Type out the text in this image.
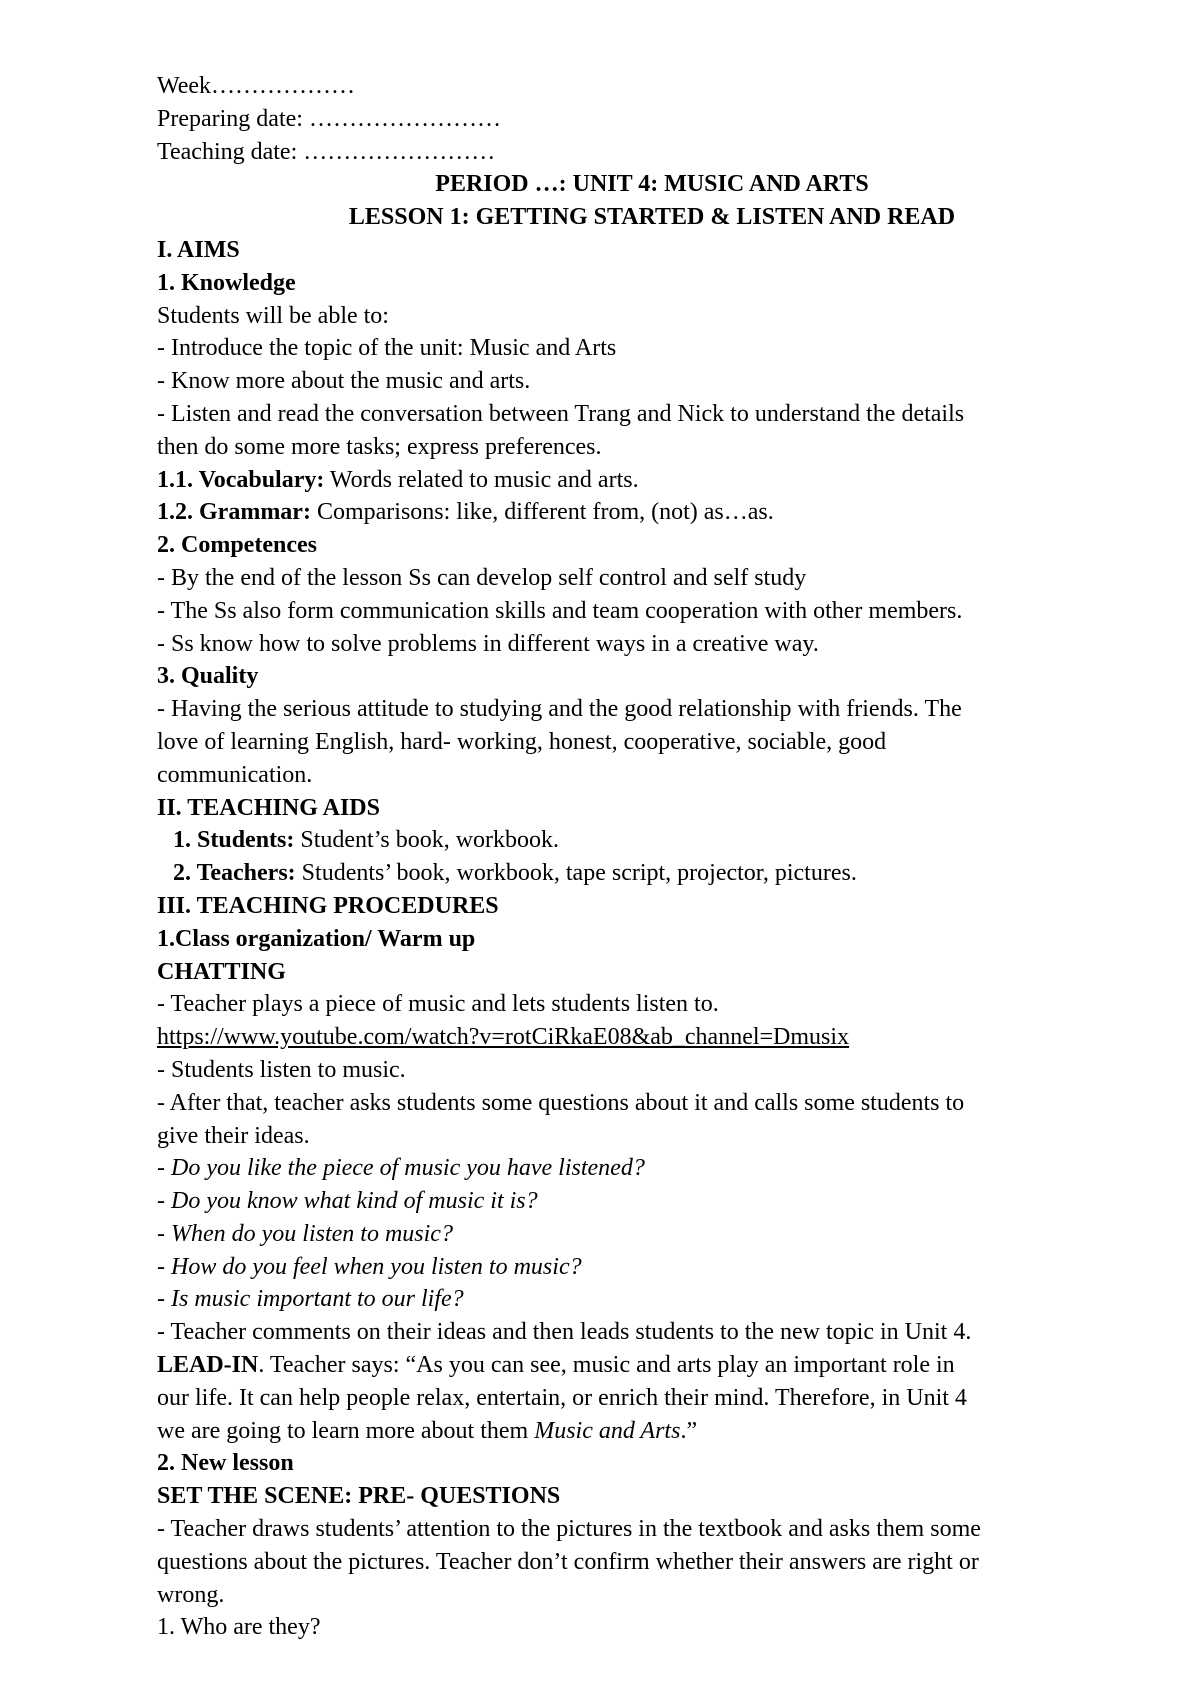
Week………………
Preparing date: ……………………
Teaching date: ……………………
PERIOD …: UNIT 4: MUSIC AND ARTS
LESSON 1: GETTING STARTED & LISTEN AND READ
I. AIMS
1. Knowledge
Students will be able to:
- Introduce the topic of the unit: Music and Arts
- Know more about the music and arts.
- Listen and read the conversation between Trang and Nick to understand the details
then do some more tasks; express preferences.
1.1. Vocabulary: Words related to music and arts.
1.2. Grammar: Comparisons: like, different from, (not) as…as.
2. Competences
- By the end of the lesson Ss can develop self control and self study
- The Ss also form communication skills and team cooperation with other members.
- Ss know how to solve problems in different ways in a creative way.
3. Quality
- Having the serious attitude to studying and the good relationship with friends. The
love of learning English, hard- working, honest, cooperative, sociable, good
communication.
II. TEACHING AIDS
1. Students: Student’s book, workbook.
2. Teachers: Students’ book, workbook, tape script, projector, pictures.
III. TEACHING PROCEDURES
1.Class organization/ Warm up
CHATTING
- Teacher plays a piece of music and lets students listen to.
https://www.youtube.com/watch?v=rotCiRkaE08&ab_channel=Dmusix
- Students listen to music.
- After that, teacher asks students some questions about it and calls some students to
give their ideas.
- Do you like the piece of music you have listened?
- Do you know what kind of music it is?
- When do you listen to music?
- How do you feel when you listen to music?
- Is music important to our life?
- Teacher comments on their ideas and then leads students to the new topic in Unit 4.
LEAD-IN. Teacher says: “As you can see, music and arts play an important role in
our life. It can help people relax, entertain, or enrich their mind. Therefore, in Unit 4
we are going to learn more about them Music and Arts.”
2. New lesson
SET THE SCENE: PRE- QUESTIONS
- Teacher draws students’ attention to the pictures in the textbook and asks them some
questions about the pictures. Teacher don’t confirm whether their answers are right or
wrong.
1. Who are they?
